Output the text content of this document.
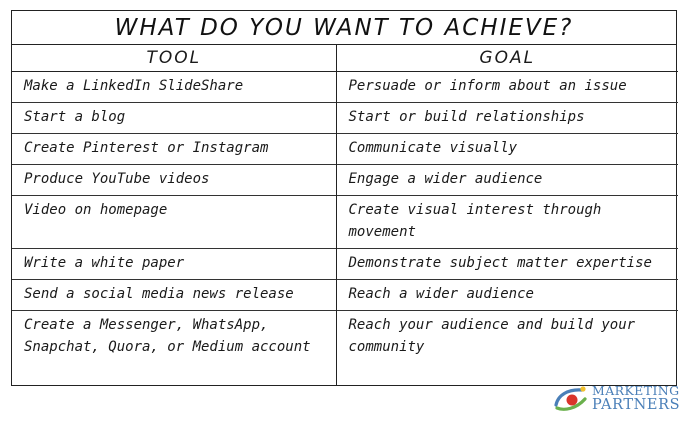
WHAT DO YOU WANT TO ACHIEVE?
TOOL	GOAL
Make a LinkedIn SlideShare	Persuade or inform about an issue
Start a blog	Start or build relationships
Create Pinterest or Instagram	Communicate visually
Produce YouTube videos	Engage a wider audience
Video on homepage	Create visual interest through movement
Write a white paper	Demonstrate subject matter expertise
Send a social media news release	Reach a wider audience
Create a Messenger, WhatsApp, Snapchat, Quora, or Medium account	Reach your audience and build your community
MARKETING
PARTNERS
